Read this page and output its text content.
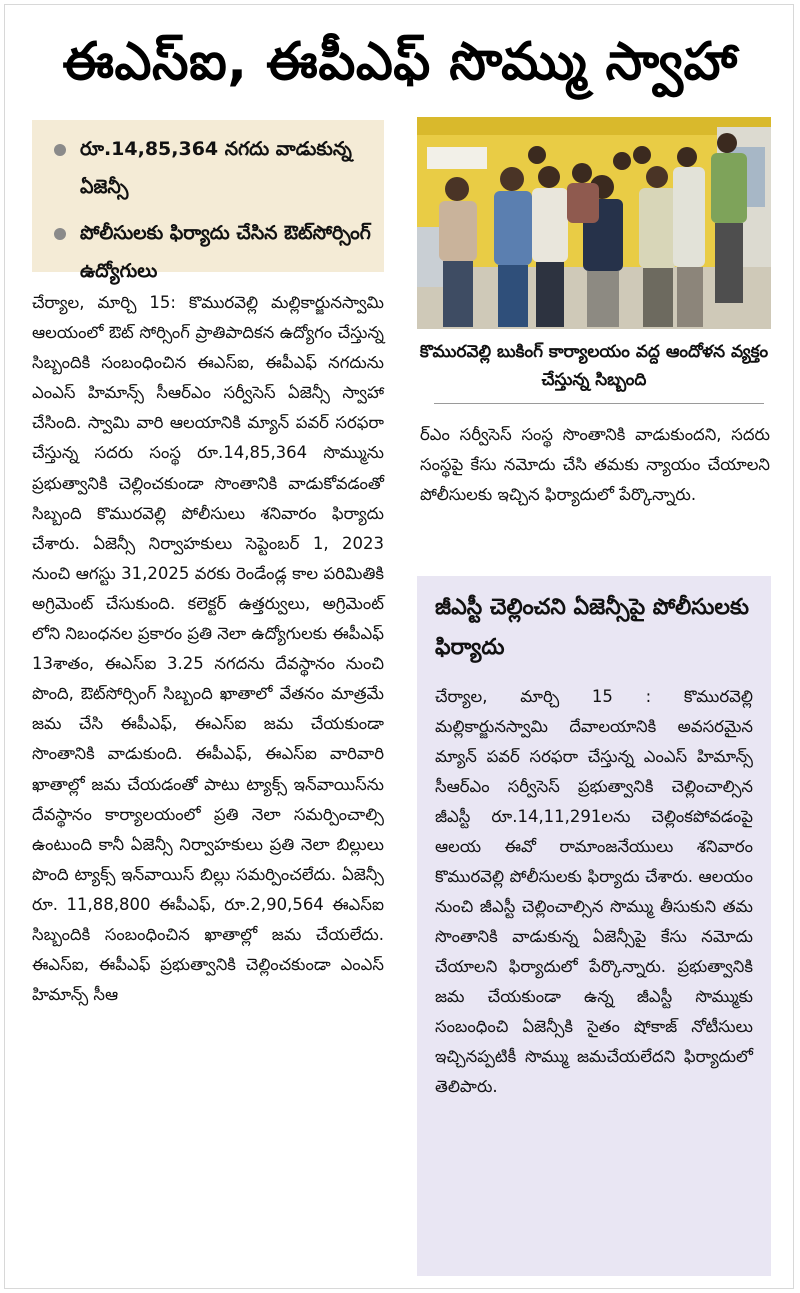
ఈఎస్‌ఐ, ఈపీఎఫ్ సొమ్ము స్వాహా
రూ.14,85,364 నగదు వాడుకున్న ఏజెన్సీ
పోలీసులకు ఫిర్యాదు చేసిన ఔట్‌సోర్సింగ్ ఉద్యోగులు

చేర్యాల, మార్చి 15: కొమురవెల్లి మల్లికార్జునస్వామి ఆలయంలో ఔట్ సోర్సింగ్ ప్రాతిపాదికన ఉద్యోగం చేస్తున్న సిబ్బందికి సంబంధించిన ఈఎస్ఐ, ఈపీఎఫ్ నగదును ఎంఎస్ హిమాన్స్ సీఆర్ఎం సర్వీసెస్ ఏజెన్సీ స్వాహా చేసింది. స్వామి వారి ఆలయానికి మ్యాన్ పవర్ సరఫరా చేస్తున్న సదరు సంస్థ రూ.14,85,364 సొమ్మును ప్రభుత్వానికి చెల్లించకుండా సొంతానికి వాడుకోవడంతో సిబ్బంది కొమురవెల్లి పోలీసులు శనివారం ఫిర్యాదు చేశారు. ఏజెన్సీ నిర్వాహకులు సెప్టెంబర్ 1, 2023 నుంచి ఆగస్టు 31,2025 వరకు రెండేండ్ల కాల పరిమితికి అగ్రిమెంట్ చేసుకుంది. కలెక్టర్ ఉత్తర్వులు, అగ్రిమెంట్ లోని నిబంధనల ప్రకారం ప్రతి నెలా ఉద్యోగులకు ఈపీఎఫ్ 13శాతం, ఈఎస్ఐ 3.25 నగదను దేవస్థానం నుంచి పొంది, ఔట్‌సోర్సింగ్ సిబ్బంది ఖాతాలో వేతనం మాత్రమే జమ చేసి ఈపీఎఫ్, ఈఎస్ఐ జమ చేయకుండా సొంతానికి వాడుకుంది. ఈపీఎఫ్, ఈఎస్ఐ వారివారి ఖాతాల్లో జమ చేయడంతో పాటు ట్యాక్స్ ఇన్‌వాయిస్‌ను దేవస్థానం కార్యాలయంలో ప్రతి నెలా సమర్పించాల్సి ఉంటుంది కానీ ఏజెన్సీ నిర్వాహకులు ప్రతి నెలా బిల్లులు పొంది ట్యాక్స్ ఇన్‌వాయిస్ బిల్లు సమర్పించలేదు. ఏజెన్సీ రూ. 11,88,800 ఈపీఎఫ్, రూ.2,90,564 ఈఎస్ఐ సిబ్బందికి సంబంధించిన ఖాతాల్లో జమ చేయలేదు. ఈఎస్ఐ, ఈపీఎఫ్ ప్రభుత్వానికి చెల్లించకుండా ఎంఎస్ హిమాన్స్ సీఆ

కొమురవెల్లి బుకింగ్ కార్యాలయం వద్ద ఆందోళన వ్యక్తం చేస్తున్న సిబ్బంది

ర్‌ఎం సర్వీసెస్ సంస్థ సొంతానికి వాడుకుందని, సదరు సంస్థపై కేసు నమోదు చేసి తమకు న్యాయం చేయాలని పోలీసులకు ఇచ్చిన ఫిర్యాదులో పేర్కొన్నారు.

జీఎస్టీ చెల్లించని ఏజెన్సీపై పోలీసులకు ఫిర్యాదు

చేర్యాల, మార్చి 15 : కొమురవెల్లి మల్లికార్జునస్వామి దేవాలయానికి అవసరమైన మ్యాన్ పవర్ సరఫరా చేస్తున్న ఎంఎస్ హిమాన్స్ సీఆర్ఎం సర్వీసెస్ ప్రభుత్వానికి చెల్లించాల్సిన జీఎస్టీ రూ.14,11,291లను చెల్లింకపోవడంపై ఆలయ ఈవో రామాంజనేయులు శనివారం కొమురవెల్లి పోలీసులకు ఫిర్యాదు చేశారు. ఆలయం నుంచి జీఎస్టీ చెల్లించాల్సిన సొమ్ము తీసుకుని తమ సొంతానికి వాడుకున్న ఏజెన్సీపై కేసు నమోదు చేయాలని ఫిర్యాదులో పేర్కొన్నారు. ప్రభుత్వానికి జమ చేయకుండా ఉన్న జీఎస్టీ సొమ్ముకు సంబంధించి ఏజెన్సీకి సైతం షోకాజ్ నోటీసులు ఇచ్చినప్పటికీ సొమ్ము జమచేయలేదని ఫిర్యాదులో తెలిపారు.
